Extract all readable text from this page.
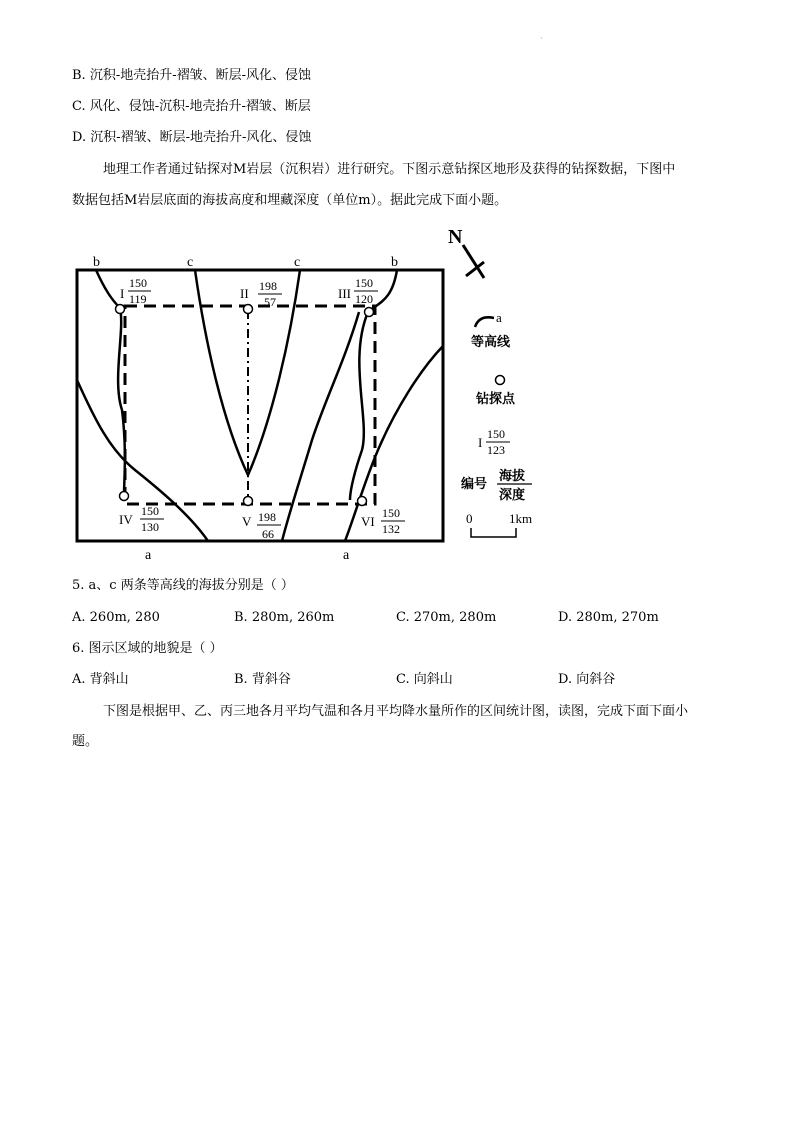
·
B. 沉积-地壳抬升-褶皱、断层-风化、侵蚀
C. 风化、侵蚀-沉积-地壳抬升-褶皱、断层
D. 沉积-褶皱、断层-地壳抬升-风化、侵蚀
地理工作者通过钻探对M岩层（沉积岩）进行研究。下图示意钻探区地形及获得的钻探数据，下图中
数据包括M岩层底面的海拔高度和埋藏深度（单位m）。据此完成下面小题。
b	c	c	b
a	a
I
150
119	II 198
57
III
150
120
IV
150
130	V 198
66
VI
150
132
N
a
等高线
钻探点
I
150
123
编号
海拔
深度
0	1km
5. a、c 两条等高线的海拔分别是（ ）
A. 260m, 280	B. 280m, 260m	C. 270m, 280m	D. 280m, 270m
6. 图示区域的地貌是（ ）
A. 背斜山	B. 背斜谷	C. 向斜山	D. 向斜谷
下图是根据甲、乙、丙三地各月平均气温和各月平均降水量所作的区间统计图，读图，完成下面下面小题。
